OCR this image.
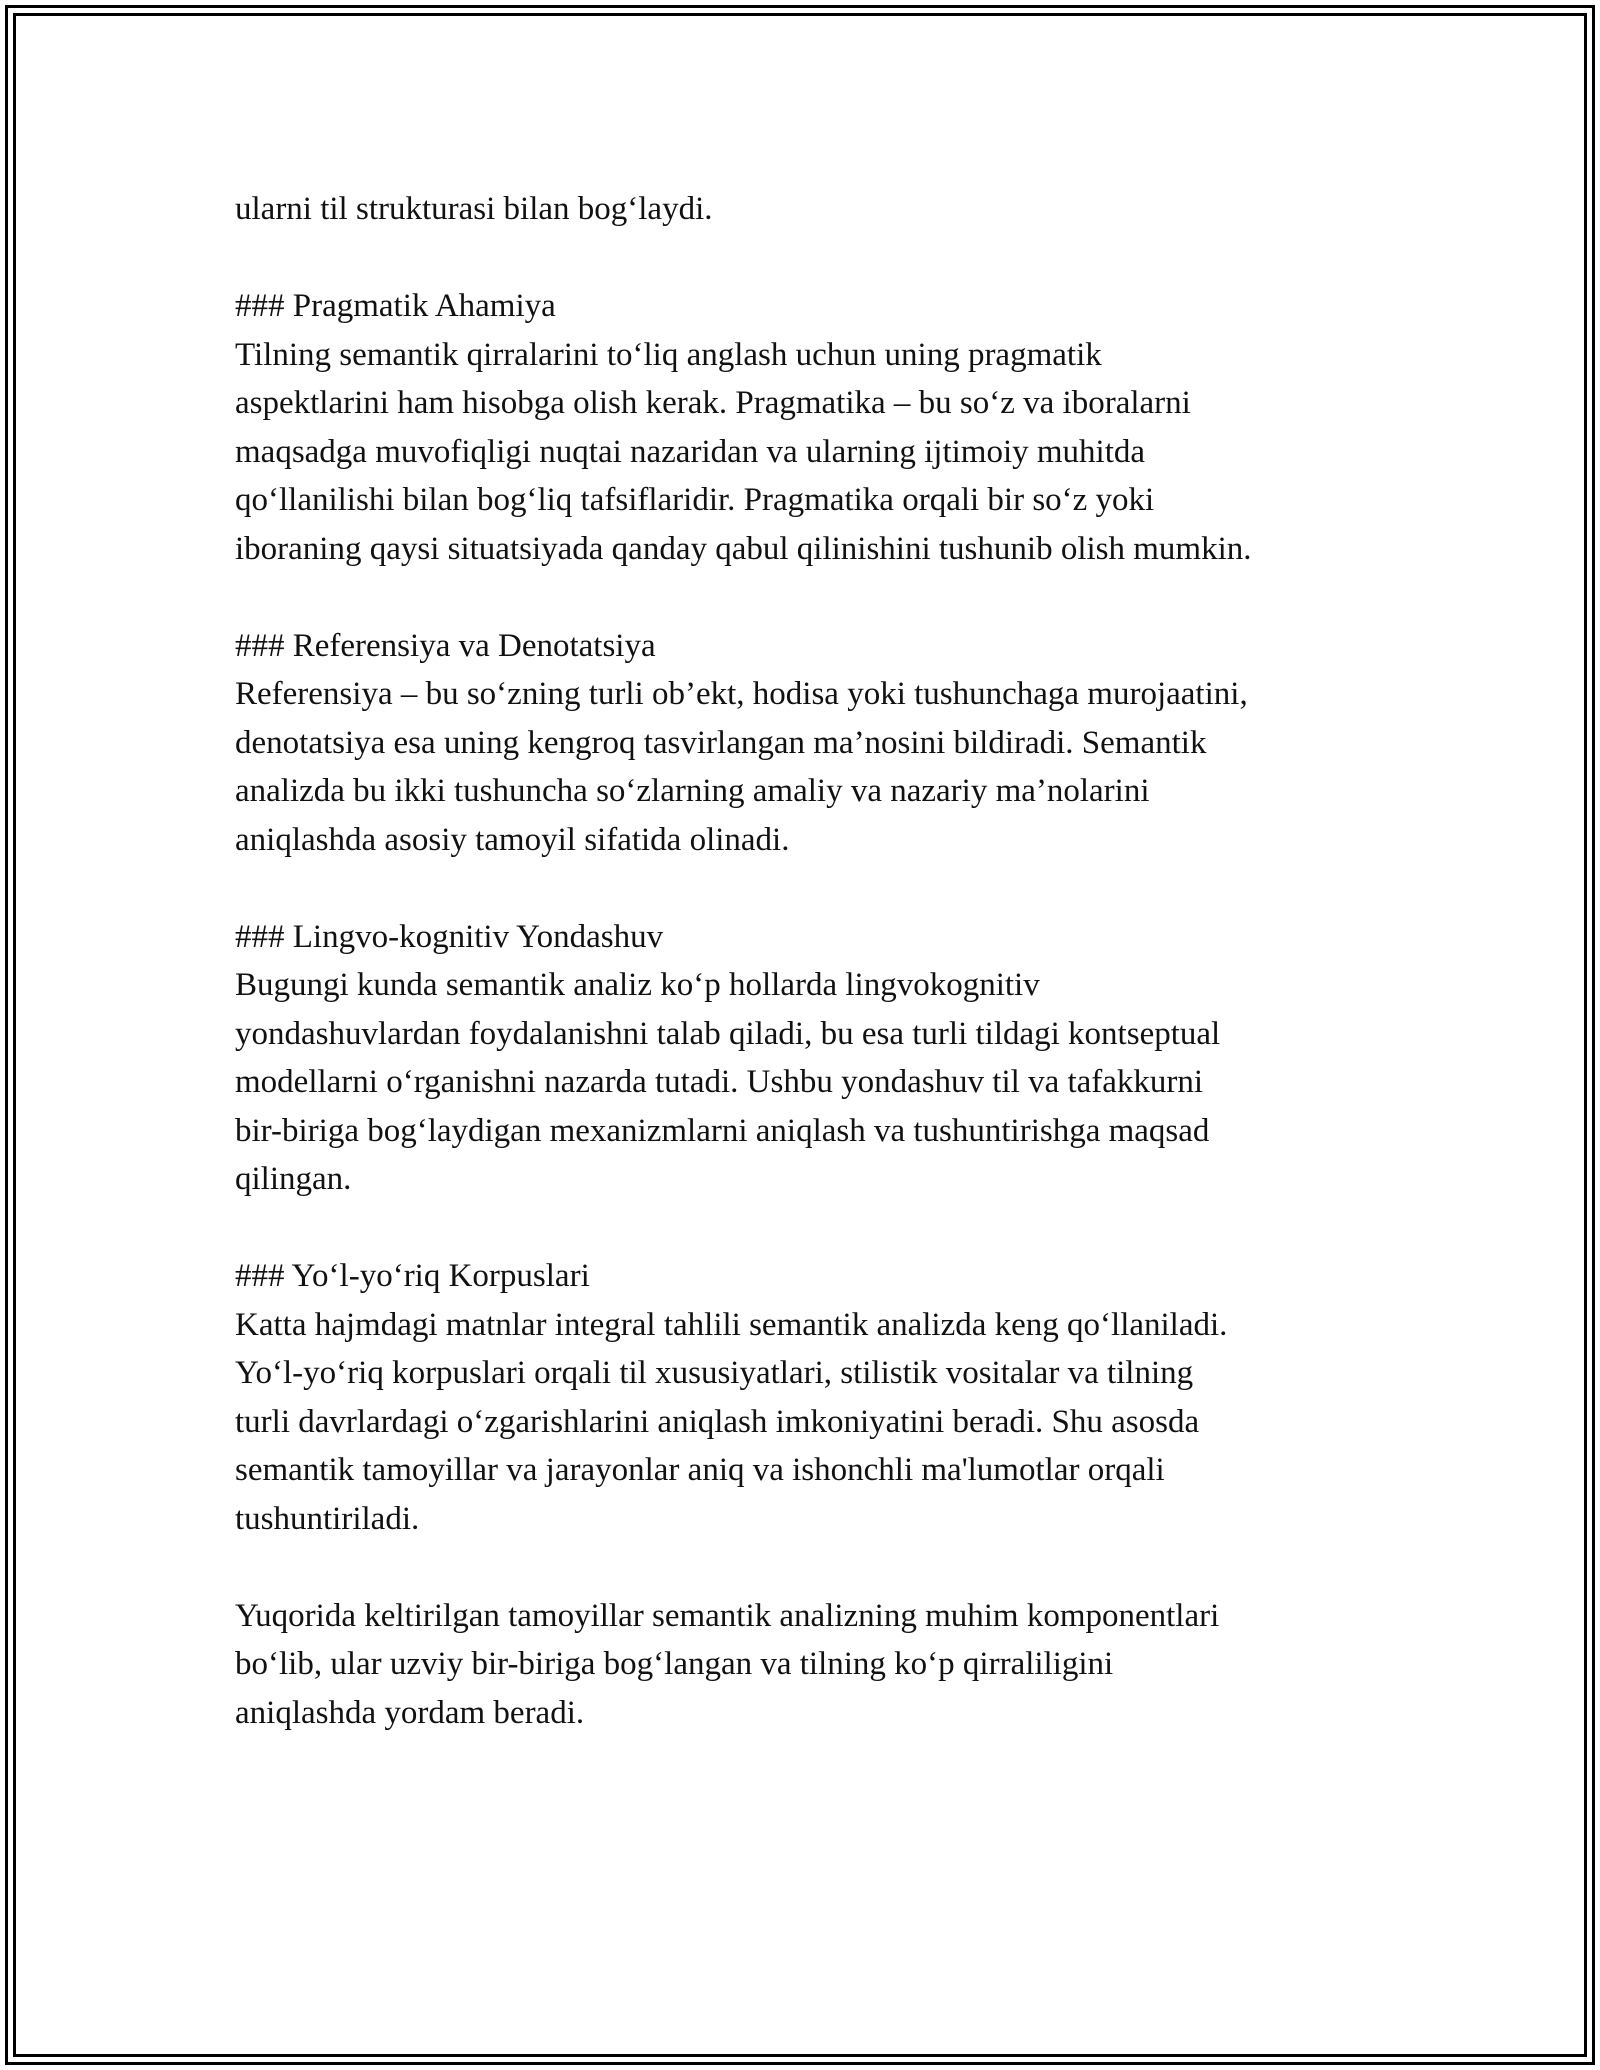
ularni til strukturasi bilan bog‘laydi.
### Pragmatik Ahamiya
Tilning semantik qirralarini to‘liq anglash uchun uning pragmatik
aspektlarini ham hisobga olish kerak. Pragmatika – bu so‘z va iboralarni
maqsadga muvofiqligi nuqtai nazaridan va ularning ijtimoiy muhitda
qo‘llanilishi bilan bog‘liq tafsiflaridir. Pragmatika orqali bir so‘z yoki
iboraning qaysi situatsiyada qanday qabul qilinishini tushunib olish mumkin.
### Referensiya va Denotatsiya
Referensiya – bu so‘zning turli ob’ekt, hodisa yoki tushunchaga murojaatini,
denotatsiya esa uning kengroq tasvirlangan ma’nosini bildiradi. Semantik
analizda bu ikki tushuncha so‘zlarning amaliy va nazariy ma’nolarini
aniqlashda asosiy tamoyil sifatida olinadi.
### Lingvo-kognitiv Yondashuv
Bugungi kunda semantik analiz ko‘p hollarda lingvokognitiv
yondashuvlardan foydalanishni talab qiladi, bu esa turli tildagi kontseptual
modellarni o‘rganishni nazarda tutadi. Ushbu yondashuv til va tafakkurni
bir-biriga bog‘laydigan mexanizmlarni aniqlash va tushuntirishga maqsad
qilingan.
### Yo‘l-yo‘riq Korpuslari
Katta hajmdagi matnlar integral tahlili semantik analizda keng qo‘llaniladi.
Yo‘l-yo‘riq korpuslari orqali til xususiyatlari, stilistik vositalar va tilning
turli davrlardagi o‘zgarishlarini aniqlash imkoniyatini beradi. Shu asosda
semantik tamoyillar va jarayonlar aniq va ishonchli ma'lumotlar orqali
tushuntiriladi.
Yuqorida keltirilgan tamoyillar semantik analizning muhim komponentlari
bo‘lib, ular uzviy bir-biriga bog‘langan va tilning ko‘p qirraliligini
aniqlashda yordam beradi.
